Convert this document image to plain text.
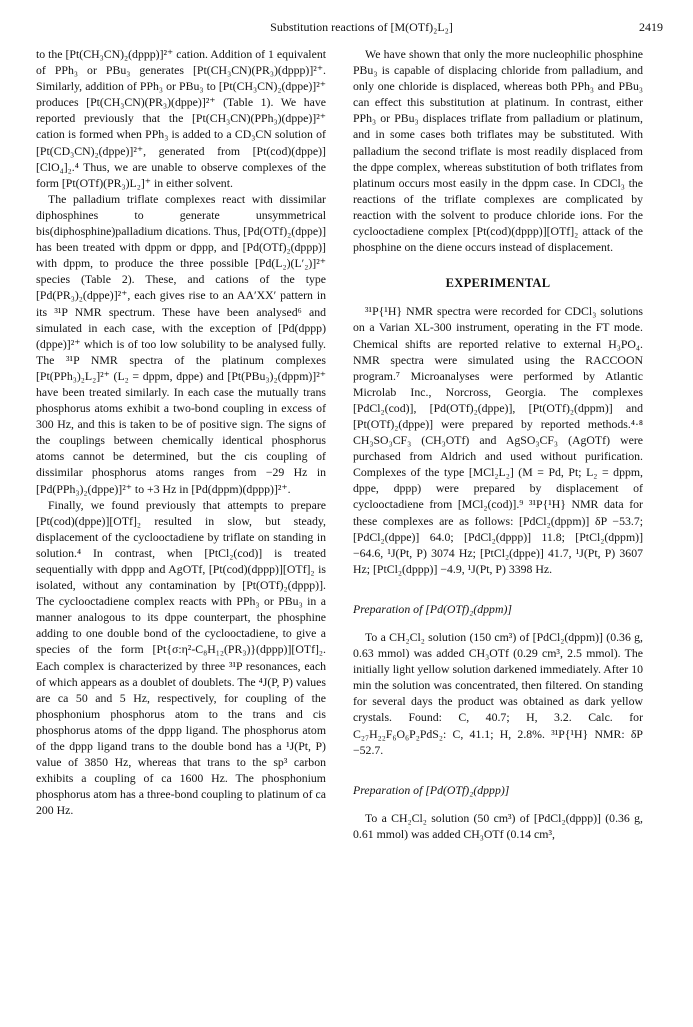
Substitution reactions of [M(OTf)₂L₂]	2419

to the [Pt(CH₃CN)₂(dppp)]²⁺ cation. Addition of 1 equivalent of PPh₃ or PBu₃ generates [Pt(CH₃CN)(PR₃)(dppp)]²⁺. Similarly, addition of PPh₃ or PBu₃ to [Pt(CH₃CN)₂(dppe)]²⁺ produces [Pt(CH₃CN)(PR₃)(dppe)]²⁺ (Table 1). We have reported previously that the [Pt(CH₃CN)(PPh₃)(dppe)]²⁺ cation is formed when PPh₃ is added to a CD₃CN solution of [Pt(CD₃CN)₂(dppe)]²⁺, generated from [Pt(cod)(dppe)][ClO₄]₂.⁴ Thus, we are unable to observe complexes of the form [Pt(OTf)(PR₃)L₂]⁺ in either solvent.

The palladium triflate complexes react with dissimilar diphosphines to generate unsymmetrical bis(diphosphine)palladium dications. Thus, [Pd(OTf)₂(dppe)] has been treated with dppm or dppp, and [Pd(OTf)₂(dppp)] with dppm, to produce the three possible [Pd(L₂)(L′₂)]²⁺ species (Table 2). These, and cations of the type [Pd(PR₃)₂(dppe)]²⁺, each gives rise to an AA′XX′ pattern in its ³¹P NMR spectrum. These have been analysed⁶ and simulated in each case, with the exception of [Pd(dppp)(dppe)]²⁺ which is of too low solubility to be analysed fully. The ³¹P NMR spectra of the platinum complexes [Pt(PPh₃)₂L₂]²⁺ (L₂ = dppm, dppe) and [Pt(PBu₃)₂(dppm)]²⁺ have been treated similarly. In each case the mutually trans phosphorus atoms exhibit a two-bond coupling in excess of 300 Hz, and this is taken to be of positive sign. The signs of the couplings between chemically identical phosphorus atoms cannot be determined, but the cis coupling of dissimilar phosphorus atoms ranges from −29 Hz in [Pd(PPh₃)₂(dppe)]²⁺ to +3 Hz in [Pd(dppm)(dppp)]²⁺.

Finally, we found previously that attempts to prepare [Pt(cod)(dppe)][OTf]₂ resulted in slow, but steady, displacement of the cyclooctadiene by triflate on standing in solution.⁴ In contrast, when [PtCl₂(cod)] is treated sequentially with dppp and AgOTf, [Pt(cod)(dppp)][OTf]₂ is isolated, without any contamination by [Pt(OTf)₂(dppp)]. The cyclooctadiene complex reacts with PPh₃ or PBu₃ in a manner analogous to its dppe counterpart, the phosphine adding to one double bond of the cyclooctadiene, to give a species of the form [Pt{σ:η²-C₈H₁₂(PR₃)}(dppp)][OTf]₂. Each complex is characterized by three ³¹P resonances, each of which appears as a doublet of doublets. The ⁴J(P, P) values are ca 50 and 5 Hz, respectively, for coupling of the phosphonium phosphorus atom to the trans and cis phosphorus atoms of the dppp ligand. The phosphorus atom of the dppp ligand trans to the double bond has a ¹J(Pt, P) value of 3850 Hz, whereas that trans to the sp³ carbon exhibits a coupling of ca 1600 Hz. The phosphonium phosphorus atom has a three-bond coupling to platinum of ca 200 Hz.

We have shown that only the more nucleophilic phosphine PBu₃ is capable of displacing chloride from palladium, and only one chloride is displaced, whereas both PPh₃ and PBu₃ can effect this substitution at platinum. In contrast, either PPh₃ or PBu₃ displaces triflate from palladium or platinum, and in some cases both triflates may be substituted. With palladium the second triflate is most readily displaced from the dppe complex, whereas substitution of both triflates from platinum occurs most easily in the dppm case. In CDCl₃ the reactions of the triflate complexes are complicated by reaction with the solvent to produce chloride ions. For the cyclooctadiene complex [Pt(cod)(dppp)][OTf]₂ attack of the phosphine on the diene occurs instead of displacement.

EXPERIMENTAL

³¹P{¹H} NMR spectra were recorded for CDCl₃ solutions on a Varian XL-300 instrument, operating in the FT mode. Chemical shifts are reported relative to external H₃PO₄. NMR spectra were simulated using the RACCOON program.⁷ Microanalyses were performed by Atlantic Microlab Inc., Norcross, Georgia. The complexes [PdCl₂(cod)], [Pd(OTf)₂(dppe)], [Pt(OTf)₂(dppm)] and [Pt(OTf)₂(dppe)] were prepared by reported methods.⁴·⁸ CH₃SO₃CF₃ (CH₃OTf) and AgSO₃CF₃ (AgOTf) were purchased from Aldrich and used without purification. Complexes of the type [MCl₂L₂] (M = Pd, Pt; L₂ = dppm, dppe, dppp) were prepared by displacement of cyclooctadiene from [MCl₂(cod)].⁹ ³¹P{¹H} NMR data for these complexes are as follows: [PdCl₂(dppm)] δP −53.7; [PdCl₂(dppe)] 64.0; [PdCl₂(dppp)] 11.8; [PtCl₂(dppm)] −64.6, ¹J(Pt, P) 3074 Hz; [PtCl₂(dppe)] 41.7, ¹J(Pt, P) 3607 Hz; [PtCl₂(dppp)] −4.9, ¹J(Pt, P) 3398 Hz.

Preparation of [Pd(OTf)₂(dppm)]

To a CH₂Cl₂ solution (150 cm³) of [PdCl₂(dppm)] (0.36 g, 0.63 mmol) was added CH₃OTf (0.29 cm³, 2.5 mmol). The initially light yellow solution darkened immediately. After 10 min the solution was concentrated, then filtered. On standing for several days the product was obtained as dark yellow crystals. Found: C, 40.7; H, 3.2. Calc. for C₂₇H₂₂F₆O₆P₂PdS₂: C, 41.1; H, 2.8%. ³¹P{¹H} NMR: δP −52.7.

Preparation of [Pd(OTf)₂(dppp)]

To a CH₂Cl₂ solution (50 cm³) of [PdCl₂(dppp)] (0.36 g, 0.61 mmol) was added CH₃OTf (0.14 cm³,
